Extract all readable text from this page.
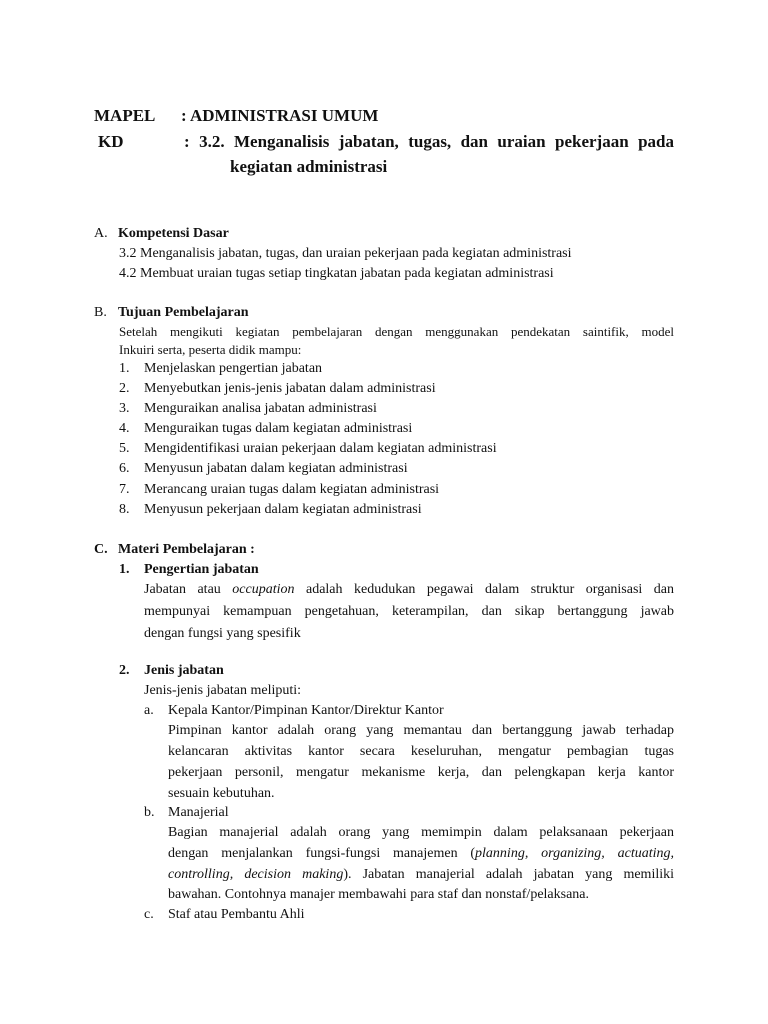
MAPEL : ADMINISTRASI UMUM
KD	: 3.2. Menganalisis jabatan, tugas, dan uraian pekerjaan pada
kegiatan administrasi
A. Kompetensi Dasar
3.2 Menganalisis jabatan, tugas, dan uraian pekerjaan pada kegiatan administrasi
4.2 Membuat uraian tugas setiap tingkatan jabatan pada kegiatan administrasi
B. Tujuan Pembelajaran
Setelah mengikuti kegiatan pembelajaran dengan menggunakan pendekatan saintifik, model
Inkuiri serta, peserta didik mampu:
1. Menjelaskan pengertian jabatan
2. Menyebutkan jenis-jenis jabatan dalam administrasi
3. Menguraikan analisa jabatan administrasi
4. Menguraikan tugas dalam kegiatan administrasi
5. Mengidentifikasi uraian pekerjaan dalam kegiatan administrasi
6. Menyusun jabatan dalam kegiatan administrasi
7. Merancang uraian tugas dalam kegiatan administrasi
8. Menyusun pekerjaan dalam kegiatan administrasi
C. Materi Pembelajaran :
1. Pengertian jabatan
Jabatan atau occupation adalah kedudukan pegawai dalam struktur organisasi dan
mempunyai kemampuan pengetahuan, keterampilan, dan sikap bertanggung jawab
dengan fungsi yang spesifik
2. Jenis jabatan
Jenis-jenis jabatan meliputi:
a. Kepala Kantor/Pimpinan Kantor/Direktur Kantor
Pimpinan kantor adalah orang yang memantau dan bertanggung jawab terhadap
kelancaran aktivitas kantor secara keseluruhan, mengatur pembagian tugas
pekerjaan personil, mengatur mekanisme kerja, dan pelengkapan kerja kantor
sesuain kebutuhan.
b. Manajerial
Bagian manajerial adalah orang yang memimpin dalam pelaksanaan pekerjaan
dengan menjalankan fungsi-fungsi manajemen (planning, organizing, actuating,
controlling, decision making). Jabatan manajerial adalah jabatan yang memiliki
bawahan. Contohnya manajer membawahi para staf dan nonstaf/pelaksana.
c. Staf atau Pembantu Ahli
